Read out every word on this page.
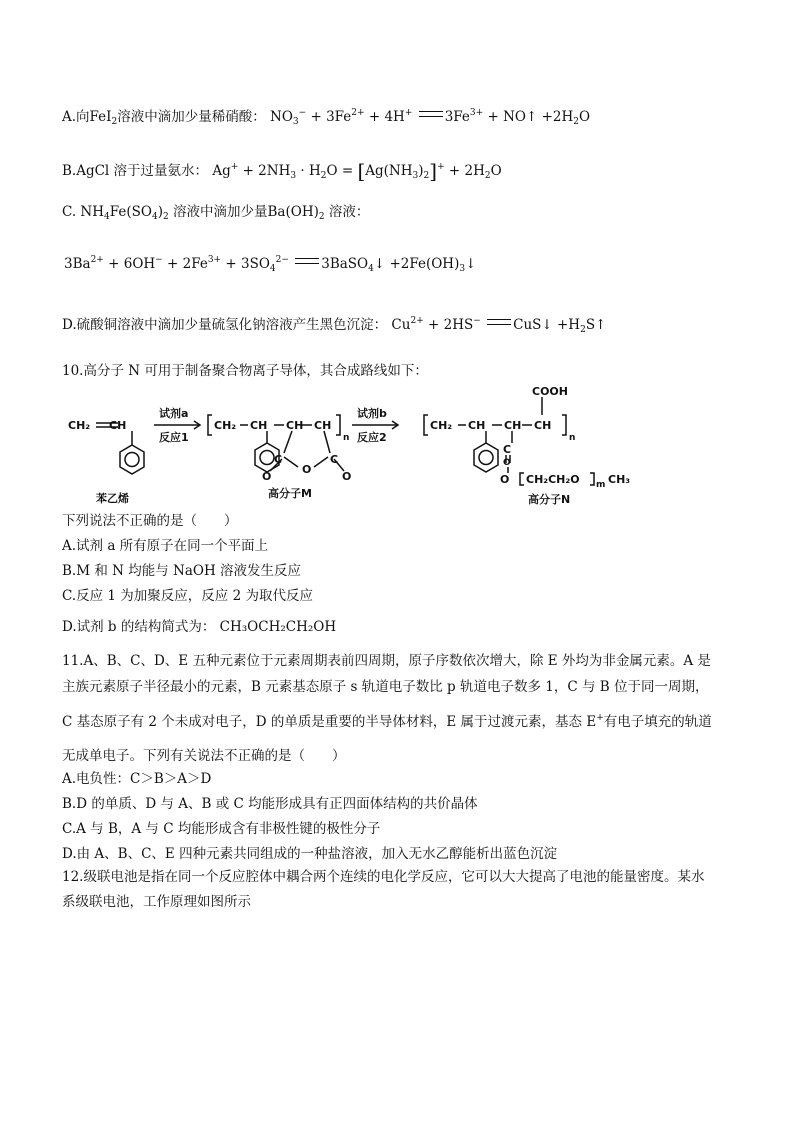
A.向FeI$_2$溶液中滴加少量稀硝酸： $NO_3^- + 3Fe^{2+} + 4H^+$ $3Fe^{3+}$ + NO↑ $+2H_2O$
B.AgCl 溶于过量氨水： $Ag^+ + 2NH_3 \cdot H_2O = [Ag(NH_3)_2]^+ + 2H_2O$
C. $NH_4Fe(SO_4)_2$ 溶液中滴加少量$Ba(OH)_2$ 溶液：
$3Ba^{2+} + 6OH^- + 2Fe^{3+} + 3SO_4^{2-}$ 3BaSO$_4$↓ $+2Fe(OH)_3↓$
D.硫酸铜溶液中滴加少量硫氢化钠溶液产生黑色沉淀： $Cu^{2+} + 2HS^-$ CuS↓ $+H_2S↑$
10.高分子 N 可用于制备聚合物离子导体，其合成路线如下：
CH₂ CH
试剂a
反应1
CH₂ CH CH CH
n
C
O
C
O	O
试剂b
反应2
CH₂ CH CH CH
n
COOH
C
O
O CH₂CH₂O m CH₃
苯乙烯	高分子M	高分子N
下列说法不正确的是（　　）
A.试剂 a 所有原子在同一个平面上
B.M 和 N 均能与 NaOH 溶液发生反应
C.反应 1 为加聚反应，反应 2 为取代反应
D.试剂 b 的结构简式为： CH₃OCH₂CH₂OH
11.A、B、C、D、E 五种元素位于元素周期表前四周期，原子序数依次增大，除 E 外均为非金属元素。A 是
主族元素原子半径最小的元素，B 元素基态原子 s 轨道电子数比 p 轨道电子数多 1，C 与 B 位于同一周期，
C 基态原子有 2 个未成对电子，D 的单质是重要的半导体材料，E 属于过渡元素，基态 E+有电子填充的轨道
无成单电子。下列有关说法不正确的是（　　）
A.电负性：C＞B＞A＞D
B.D 的单质、D 与 A、B 或 C 均能形成具有正四面体结构的共价晶体
C.A 与 B，A 与 C 均能形成含有非极性键的极性分子
D.由 A、B、C、E 四种元素共同组成的一种盐溶液，加入无水乙醇能析出蓝色沉淀
12.级联电池是指在同一个反应腔体中耦合两个连续的电化学反应，它可以大大提高了电池的能量密度。某水
系级联电池，工作原理如图所示
